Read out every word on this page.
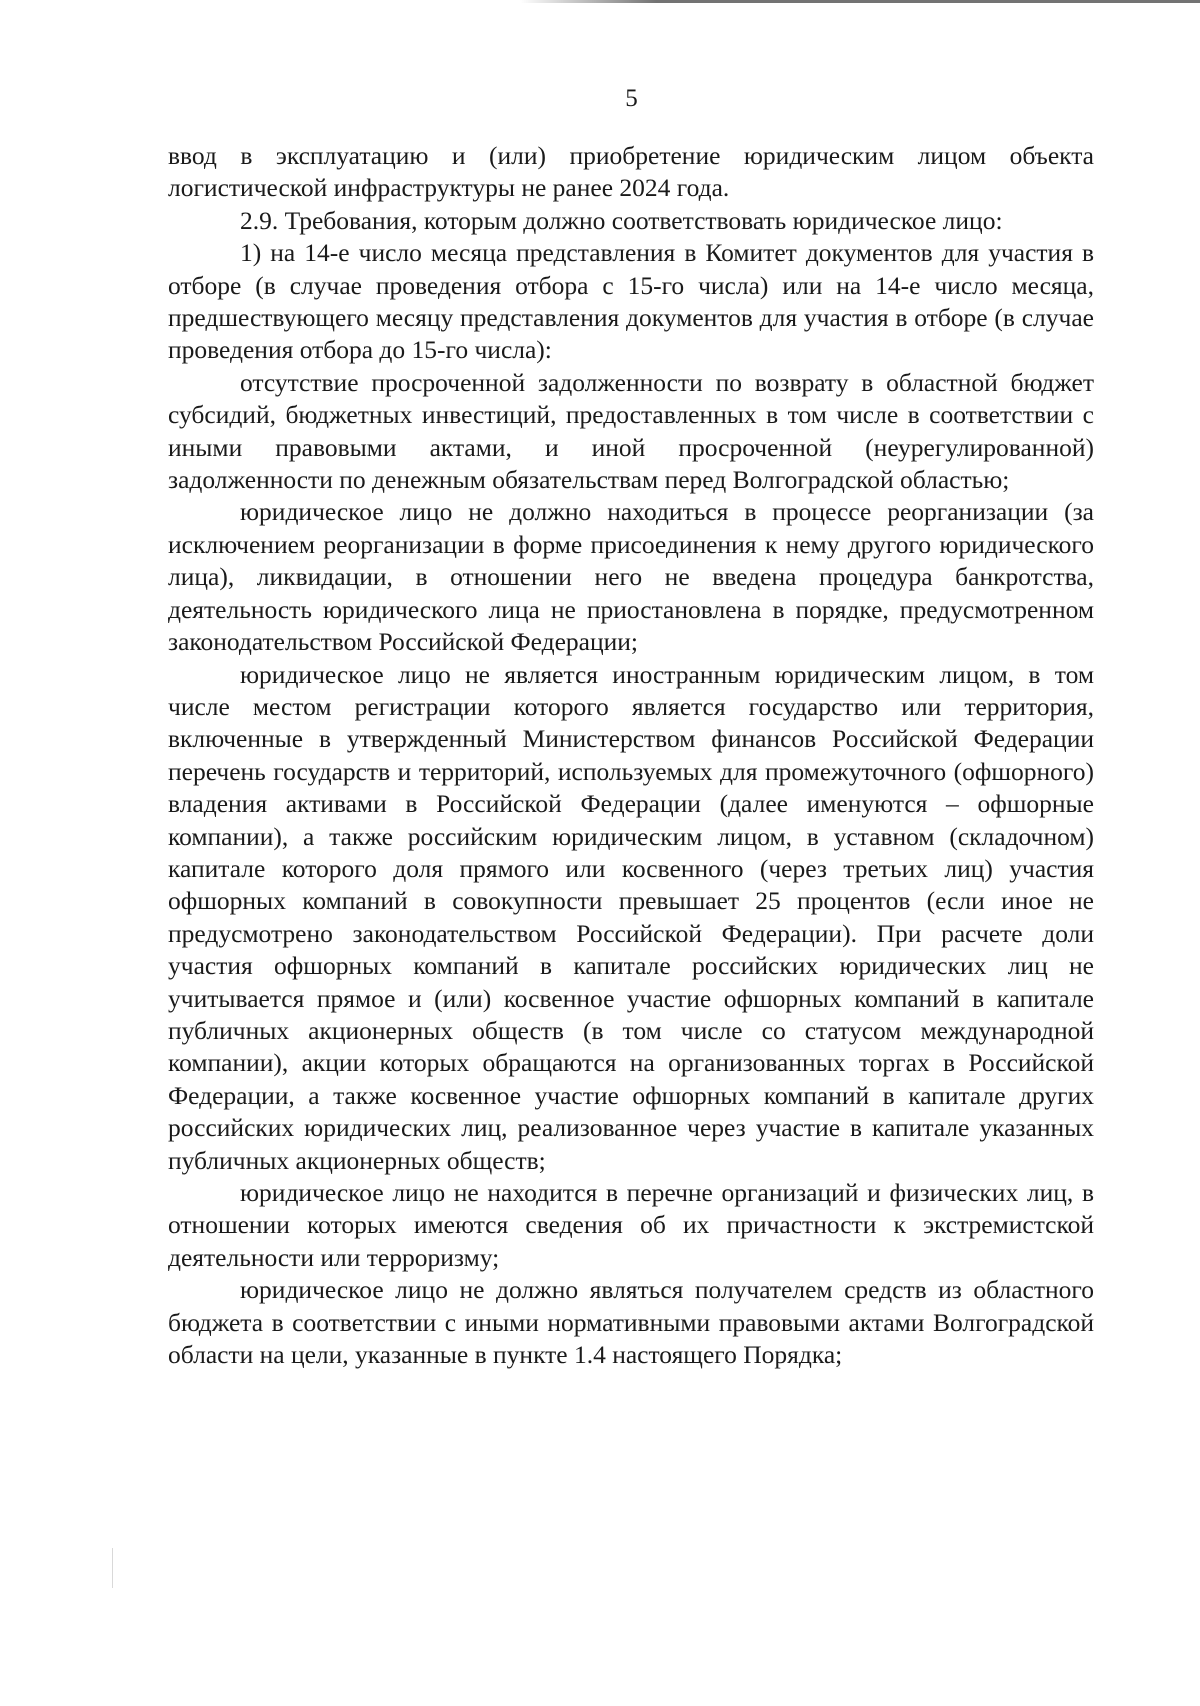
5

ввод в эксплуатацию и (или) приобретение юридическим лицом объекта логистической инфраструктуры не ранее 2024 года.

2.9. Требования, которым должно соответствовать юридическое лицо:

1) на 14-е число месяца представления в Комитет документов для участия в отборе (в случае проведения отбора с 15-го числа) или на 14-е число месяца, предшествующего месяцу представления документов для участия в отборе (в случае проведения отбора до 15-го числа):

отсутствие просроченной задолженности по возврату в областной бюджет субсидий, бюджетных инвестиций, предоставленных в том числе в соответствии с иными правовыми актами, и иной просроченной (неурегулированной) задолженности по денежным обязательствам перед Волгоградской областью;

юридическое лицо не должно находиться в процессе реорганизации (за исключением реорганизации в форме присоединения к нему другого юридического лица), ликвидации, в отношении него не введена процедура банкротства, деятельность юридического лица не приостановлена в порядке, предусмотренном законодательством Российской Федерации;

юридическое лицо не является иностранным юридическим лицом, в том числе местом регистрации которого является государство или территория, включенные в утвержденный Министерством финансов Российской Федерации перечень государств и территорий, используемых для промежуточного (офшорного) владения активами в Российской Федерации (далее именуются – офшорные компании), а также российским юридическим лицом, в уставном (складочном) капитале которого доля прямого или косвенного (через третьих лиц) участия офшорных компаний в совокупности превышает 25 процентов (если иное не предусмотрено законодательством Российской Федерации). При расчете доли участия офшорных компаний в капитале российских юридических лиц не учитывается прямое и (или) косвенное участие офшорных компаний в капитале публичных акционерных обществ (в том числе со статусом международной компании), акции которых обращаются на организованных торгах в Российской Федерации, а также косвенное участие офшорных компаний в капитале других российских юридических лиц, реализованное через участие в капитале указанных публичных акционерных обществ;

юридическое лицо не находится в перечне организаций и физических лиц, в отношении которых имеются сведения об их причастности к экстремистской деятельности или терроризму;

юридическое лицо не должно являться получателем средств из областного бюджета в соответствии с иными нормативными правовыми актами Волгоградской области на цели, указанные в пункте 1.4 настоящего Порядка;
